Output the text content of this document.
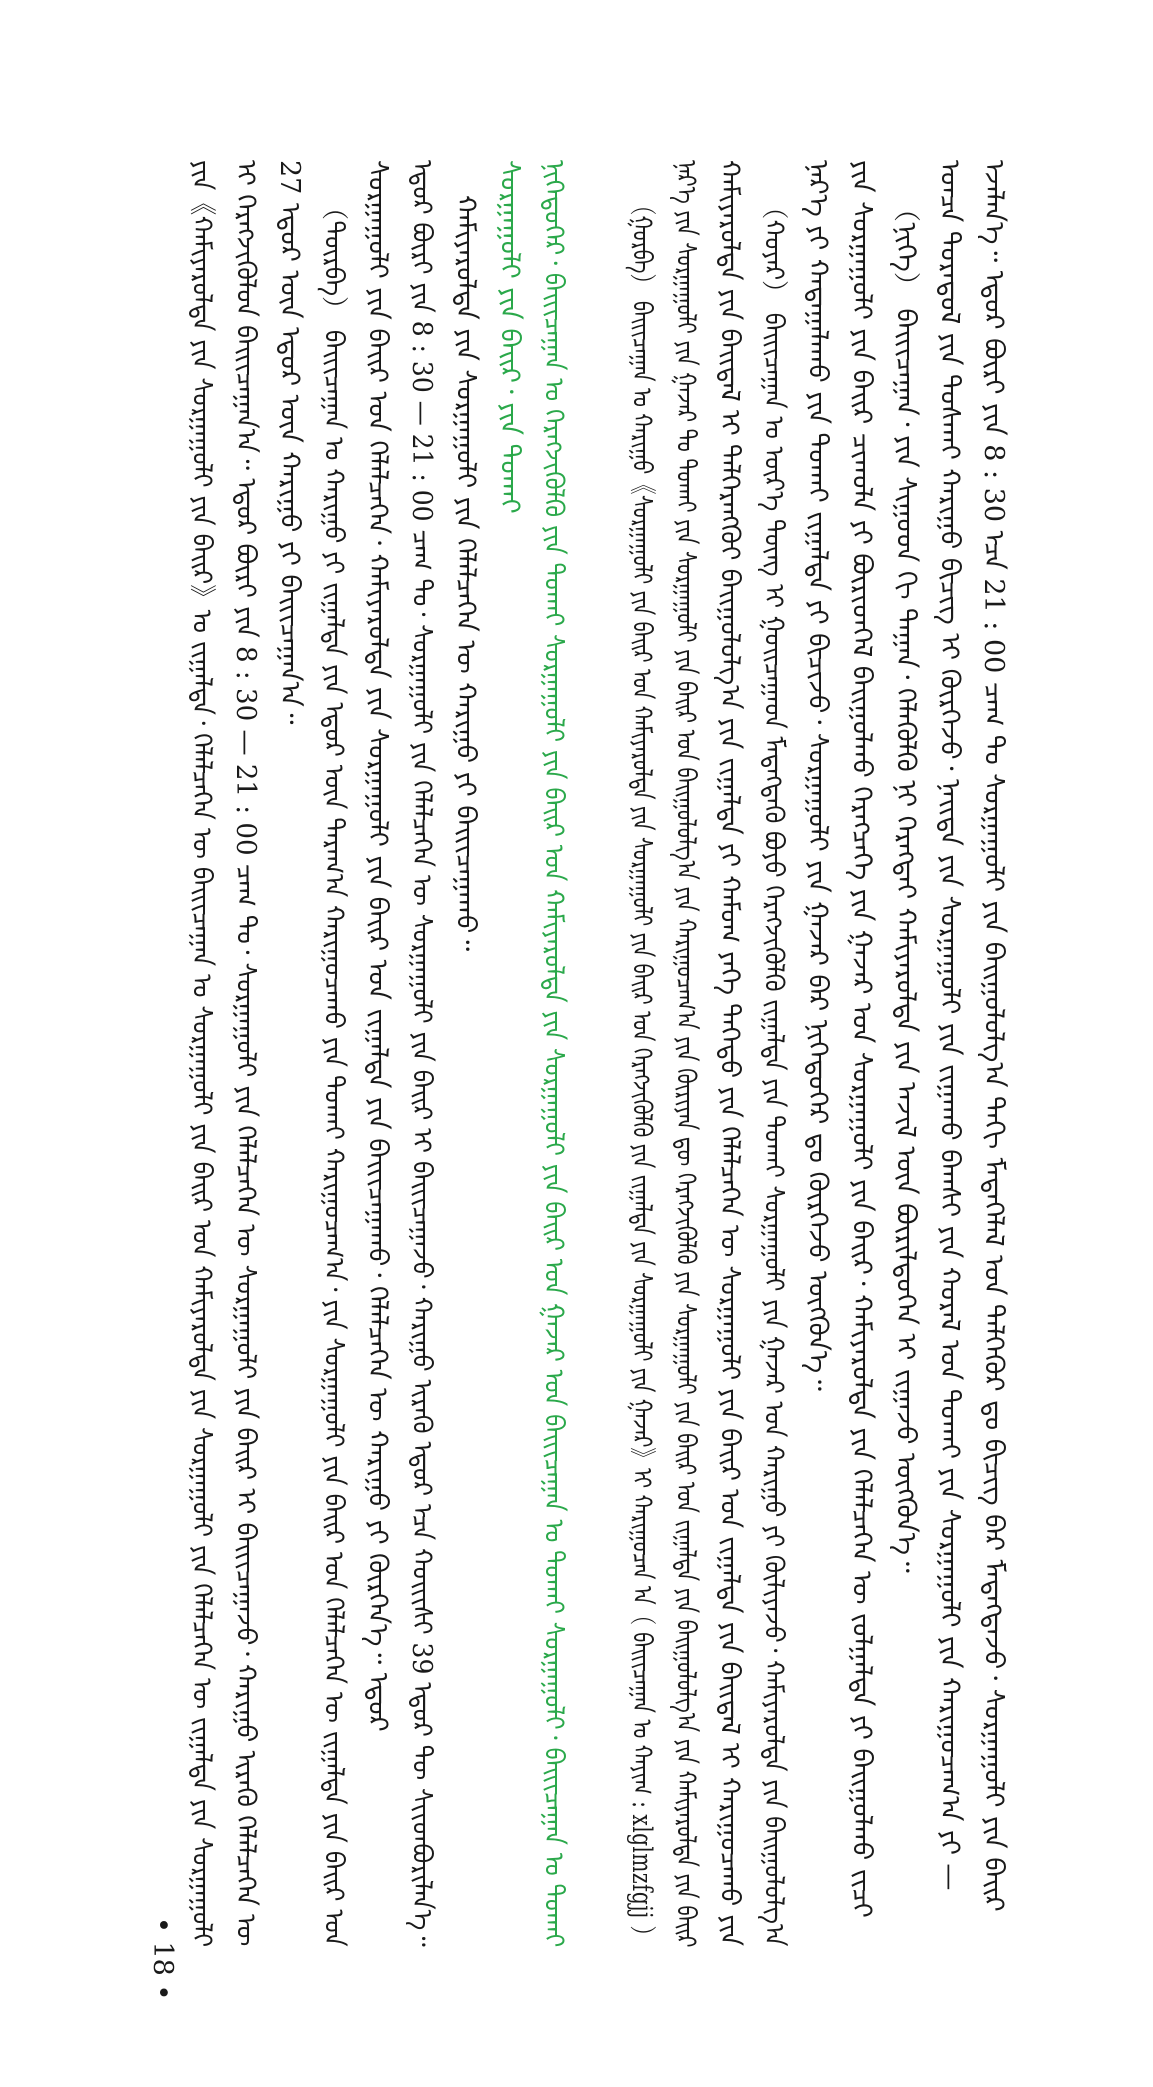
ᠡᠵᠡᠯᠡᠨ᠎ᠡ᠃ ᠡᠳᠦᠷ ᠪᠦᠷᠢ ᠶᠢᠨ 8 : 30 ᠡᠴᠡ 21 : 00 ᠴᠠᠭ ᠲᠤ ᠰᠤᠷᠭᠠᠭᠤᠯᠢ ᠶᠢᠨ ᠪᠠᠢᠭᠤᠯᠤᠯᠭ᠎ᠠ ᠳᠠᠬᠢ ᠮᠡᠳᠡᠭᠡᠯᠡᠯ ᠤᠨ ᠳᠡᠯᠭᠡᠭᠦᠷ ᠳᠤ ᠪᠢᠴᠢᠭ ᠪᠠᠷ ᠮᠡᠳᠡᠭᠳᠡᠵᠦ᠂ ᠰᠤᠷᠭᠠᠭᠤᠯᠢ ᠶᠢᠨ ᠪᠠᠢᠷ
ᠣᠨᠴᠠ ᠳᠤᠷᠠᠳᠤᠯ ᠶᠢᠨ ᠲᠤᠰᠬᠠᠢ ᠬᠠᠷᠢᠭᠤ ᠪᠢᠴᠢᠭ ᠢ ᠬᠦᠷᠭᠡᠵᠦ᠂ ᠨᠡᠢᠲᠡ ᠶᠢᠨ ᠰᠤᠷᠭᠠᠭᠤᠯᠢ ᠶᠢᠨ ᠵᠢᠭᠠᠬᠤ ᠪᠠᠭᠰᠢ ᠶᠢᠨ ᠬᠤᠷᠠᠯ ᠤᠨ ᠲᠤᠬᠠᠢ ᠶᠢᠨ ᠰᠤᠷᠭᠠᠭᠤᠯᠢ ᠶᠢᠨ ᠬᠠᠷᠢᠭᠤᠴᠠᠭ᠎ᠠ ᠶᠢ —
（ᠨᠢᠭᠡ） ᠪᠠᠢᠢᠴᠠᠭᠠᠨ᠂ ᠶᠢᠨ ᠰᠢᠭᠤᠳ ᠬᠢ ᠳᠠᠭᠠᠨ᠂ ᠬᠡᠯᠡᠭᠦᠯᠬᠦ ᠨᠢ ᠬᠡᠷᠡᠭᠲᠡᠢ ᠬᠠᠮᠢᠶᠠᠷᠤᠯᠲᠠ ᠶᠢᠨ ᠠᠵᠢᠯ ᠦᠨ ᠪᠦᠷᠢᠯᠳᠦᠭᠡᠨ ᠢ ᠵᠢᠭᠠᠵᠤ ᠦᠭᠭᠦᠨ᠎ᠡ᠃
ᠶᠢᠨ ᠰᠤᠷᠭᠠᠭᠤᠯᠢ ᠶᠢᠨ ᠪᠠᠢᠷ ᠴᠢᠬᠤᠯᠠ ᠶᠢ ᠪᠦᠷᠢᠳᠬᠡᠯ ᠪᠠᠢᠭᠤᠯᠬᠤ ᠬᠡᠷᠡᠭᠴᠡᠭᠡ ᠶᠢᠨ ᠭᠠᠵᠠᠷ ᠤᠨ ᠰᠤᠷᠭᠠᠭᠤᠯᠢ ᠶᠢᠨ ᠪᠠᠢᠷ᠂ ᠬᠠᠮᠢᠶᠠᠷᠤᠯᠲᠠ ᠶᠢᠨ ᠬᠡᠯᠡᠯᠴᠡᠭᠡᠨ ᠦ ᠵᠤᠯᠭᠠᠯᠲᠠ ᠶᠢ ᠪᠠᠢᠭᠤᠯᠬᠤ ᠵᠢᠴᠢ
ᠨᠡᠷ᠎ᠡ ᠶᠢ ᠬᠠᠳᠠᠭᠠᠯᠠᠬᠤ ᠶᠢᠨ ᠲᠤᠬᠠᠢ ᠵᠢᠭᠠᠯᠲᠠ ᠶᠢ ᠪᠢᠴᠢᠵᠦ᠂ ᠰᠤᠷᠭᠠᠭᠤᠯᠢ ᠶᠢᠨ ᠭᠠᠵᠠᠷ ᠪᠠᠷ ᠨᠢᠭᠡᠳᠦᠭᠡᠷ ᠳᠤ ᠬᠦᠷᠭᠡᠵᠦ ᠦᠭᠭᠦᠨ᠎ᠡ᠃
（ᠬᠤᠶᠠᠷ） ᠪᠠᠢᠢᠴᠠᠭᠠᠨ ᠤ ᠦᠷ᠎ᠡ ᠳᠦᠩ ᠢ ᠭᠤᠢᠴᠠᠭᠠᠳ ᠮᠡᠳᠡᠭᠳᠡᠬᠦ ᠪᠤᠶᠤ ᠬᠡᠷᠡᠭᠵᠢᠭᠦᠯᠬᠦ ᠵᠢᠭᠠᠯᠲᠠ ᠶᠢᠨ ᠲᠤᠬᠠᠢ ᠰᠤᠷᠭᠠᠭᠤᠯᠢ ᠶᠢᠨ ᠭᠠᠵᠠᠷ ᠤᠨ ᠬᠠᠷᠢᠭᠤ ᠶᠢ ᠬᠦᠯᠢᠶᠡᠵᠦ᠂ ᠬᠠᠮᠢᠶᠠᠷᠤᠯᠲᠠ ᠶᠢᠨ ᠪᠠᠢᠭᠤᠯᠤᠯᠭ᠎ᠠ
ᠬᠠᠮᠢᠶᠠᠷᠤᠯᠲᠠ ᠶᠢᠨ ᠪᠠᠢᠳᠠᠯ ᠢ ᠳᠡᠯᠭᠡᠷᠡᠩᠭᠦᠢ ᠪᠠᠢᠭᠤᠯᠤᠯᠭ᠎ᠠ ᠶᠢᠨ ᠵᠢᠭᠠᠯᠲᠠ ᠶᠢ ᠬᠠᠮᠤᠭ ᠶᠡᠬᠡ ᠳᠡᠭᠡᠳᠦ ᠶᠢᠨ ᠬᠡᠯᠡᠯᠴᠡᠭᠡᠨ ᠦ ᠰᠤᠷᠭᠠᠭᠤᠯᠢ ᠶᠢᠨ ᠪᠠᠢᠷ ᠤᠨ ᠵᠢᠭᠠᠯᠲᠠ ᠶᠢᠨ ᠪᠠᠢᠳᠠᠯ ᠢ ᠬᠠᠷᠢᠭᠤᠴᠠᠬᠤ ᠶᠢᠨ
ᠨᠡᠷ᠎ᠡ ᠶᠢᠨ ᠰᠤᠷᠭᠠᠭᠤᠯᠢ ᠶᠢᠨ ᠭᠠᠵᠠᠷ ᠲᠤ ᠲᠤᠬᠠᠢ ᠶᠢᠨ ᠰᠤᠷᠭᠠᠭᠤᠯᠢ ᠶᠢᠨ ᠪᠠᠢᠷ ᠤᠨ ᠪᠠᠢᠭᠤᠯᠤᠯᠭ᠎ᠠ ᠶᠢᠨ ᠬᠠᠷᠢᠭᠤᠴᠠᠭ᠎ᠠ ᠶᠢᠨ ᠬᠦᠷᠢᠶᠡᠨ ᠳᠦ ᠬᠡᠷᠡᠭᠵᠢᠭᠦᠯᠬᠦ ᠶᠢᠨ ᠰᠤᠷᠭᠠᠭᠤᠯᠢ ᠶᠢᠨ ᠪᠠᠢᠷ ᠤᠨ ᠵᠢᠭᠠᠯᠲᠠ ᠶᠢᠨ ᠪᠠᠢᠭᠤᠯᠤᠯᠭ᠎ᠠ ᠶᠢᠨ ᠬᠠᠮᠢᠶᠠᠷᠤᠯᠲᠠ ᠶᠢᠨ ᠪᠠᠢᠷ
（ᠭᠤᠷᠪᠠ） ᠪᠠᠢᠢᠴᠠᠭᠠᠨ ᠤ ᠬᠠᠷᠢᠭᠤ《ᠰᠤᠷᠭᠠᠭᠤᠯᠢ ᠶᠢᠨ ᠪᠠᠢᠷ ᠤᠨ ᠬᠠᠮᠢᠶᠠᠷᠤᠯᠲᠠ ᠶᠢᠨ ᠰᠤᠷᠭᠠᠭᠤᠯᠢ ᠶᠢᠨ ᠪᠠᠢᠷ ᠤᠨ ᠬᠡᠷᠡᠭᠵᠢᠭᠦᠯᠬᠦ ᠶᠢᠨ ᠵᠢᠭᠠᠯᠲᠠ ᠶᠢᠨ ᠰᠤᠷᠭᠠᠭᠤᠯᠢ ᠶᠢᠨ ᠭᠠᠵᠠᠷ》ᠢ ᠬᠠᠷᠢᠭᠤᠴᠠᠨ ᠠ（ ᠪᠠᠢᠢᠴᠠᠭᠠᠨ ᠤ ᠬᠠᠶᠢᠭ : xlglmzfgjj ）
ᠨᠢᠭᠡᠳᠦᠭᠡᠷ᠂ ᠪᠠᠢᠢᠴᠠᠭᠠᠨ ᠤ ᠬᠡᠷᠡᠭᠵᠢᠭᠦᠯᠬᠦ ᠶᠢᠨ ᠲᠤᠬᠠᠢ ᠰᠤᠷᠭᠠᠭᠤᠯᠢ ᠶᠢᠨ ᠪᠠᠢᠷ ᠤᠨ ᠬᠠᠮᠢᠶᠠᠷᠤᠯᠲᠠ ᠶᠢᠨ ᠰᠤᠷᠭᠠᠭᠤᠯᠢ ᠶᠢᠨ ᠪᠠᠢᠷ ᠤᠨ ᠭᠠᠵᠠᠷ ᠤᠨ ᠪᠠᠢᠢᠴᠠᠭᠠᠨ ᠤ ᠲᠤᠬᠠᠢ ᠰᠤᠷᠭᠠᠭᠤᠯᠢ᠂ ᠪᠠᠢᠢᠴᠠᠭᠠᠨ ᠤ ᠲᠤᠬᠠᠢ
ᠰᠤᠷᠭᠠᠭᠤᠯᠢ ᠶᠢᠨ ᠪᠠᠢᠷ᠂ ᠶᠢᠨ ᠲᠤᠬᠠᠢ
ᠬᠠᠮᠢᠶᠠᠷᠤᠯᠲᠠ ᠶᠢᠨ ᠰᠤᠷᠭᠠᠭᠤᠯᠢ ᠶᠢᠨ ᠬᠡᠯᠡᠯᠴᠡᠭᠡᠨ ᠦ ᠬᠠᠷᠢᠭᠤ ᠶᠢ ᠪᠠᠢᠢᠴᠠᠭᠠᠬᠤ᠃
ᠡᠳᠦᠷ ᠪᠦᠷᠢ ᠶᠢᠨ 8 : 30 — 21 : 00 ᠴᠠᠭ ᠲᠤ᠂ ᠰᠤᠷᠭᠠᠭᠤᠯᠢ ᠶᠢᠨ ᠬᠡᠯᠡᠯᠴᠡᠭᠡᠨ ᠦ ᠰᠤᠷᠭᠠᠭᠤᠯᠢ ᠶᠢᠨ ᠪᠠᠢᠷ ᠢ ᠪᠠᠢᠢᠴᠠᠭᠠᠵᠤ᠂ ᠬᠠᠷᠢᠭᠤ ᠢᠷᠡᠬᠦ ᠡᠳᠦᠷ ᠡᠴᠡ ᠬᠤᠢᠢᠰᠢ 39 ᠡᠳᠦᠷ ᠲᠦ ᠰᠢᠢᠳᠪᠦᠷᠢᠯᠡᠨ᠎ᠡ᠃
ᠰᠤᠷᠭᠠᠭᠤᠯᠢ ᠶᠢᠨ ᠪᠠᠢᠷ ᠤᠨ ᠬᠡᠯᠡᠯᠴᠡᠭᠡᠨ᠂ ᠬᠠᠮᠢᠶᠠᠷᠤᠯᠲᠠ ᠶᠢᠨ ᠰᠤᠷᠭᠠᠭᠤᠯᠢ ᠶᠢᠨ ᠪᠠᠢᠷ ᠤᠨ ᠵᠢᠭᠠᠯᠲᠠ ᠶᠢᠨ ᠪᠠᠢᠢᠴᠠᠭᠠᠬᠤ᠂ ᠬᠡᠯᠡᠯᠴᠡᠭᠡᠨ ᠦ ᠬᠠᠷᠢᠭᠤ ᠶᠢ ᠬᠦᠷᠭᠡᠨ᠎ᠡ᠃ ᠡᠳᠦᠷ
（ᠳᠦᠷᠪᠡ） ᠪᠠᠢᠢᠴᠠᠭᠠᠨ ᠤ ᠬᠠᠷᠢᠭᠤ ᠶᠢ ᠵᠢᠭᠠᠯᠲᠠ ᠶᠢᠨ ᠡᠳᠦᠷ ᠦᠨ ᠳᠠᠷᠠᠭ᠎ᠠ ᠬᠠᠷᠢᠭᠤᠴᠠᠬᠤ ᠶᠢᠨ ᠲᠤᠬᠠᠢ ᠬᠠᠷᠢᠭᠤᠴᠠᠭ᠎ᠠ᠂ ᠶᠢᠨ ᠰᠤᠷᠭᠠᠭᠤᠯᠢ ᠶᠢᠨ ᠪᠠᠢᠷ ᠤᠨ ᠬᠡᠯᠡᠯᠴᠡᠭᠡᠨ ᠦ ᠵᠢᠭᠠᠯᠲᠠ ᠶᠢᠨ ᠪᠠᠢᠷ ᠤᠨ
27 ᠡᠳᠦᠷ ᠦᠨ ᠡᠳᠦᠷ ᠦᠨ ᠬᠠᠷᠢᠭᠤ ᠶᠢ ᠪᠠᠢᠢᠴᠠᠭᠠᠨ᠎ᠠ᠃
ᠢ ᠬᠡᠷᠡᠭᠵᠢᠭᠦᠯᠦᠨ ᠪᠠᠢᠢᠴᠠᠭᠠᠨ᠎ᠠ᠃ ᠡᠳᠦᠷ ᠪᠦᠷᠢ ᠶᠢᠨ 8 : 30 — 21 : 00 ᠴᠠᠭ ᠲᠤ᠂ ᠰᠤᠷᠭᠠᠭᠤᠯᠢ ᠶᠢᠨ ᠬᠡᠯᠡᠯᠴᠡᠭᠡᠨ ᠦ ᠰᠤᠷᠭᠠᠭᠤᠯᠢ ᠶᠢᠨ ᠪᠠᠢᠷ ᠢ ᠪᠠᠢᠢᠴᠠᠭᠠᠵᠤ᠂ ᠬᠠᠷᠢᠭᠤ ᠢᠷᠡᠬᠦ ᠬᠡᠯᠡᠯᠴᠡᠭᠡᠨ ᠦ
ᠶᠢᠨ《ᠬᠠᠮᠢᠶᠠᠷᠤᠯᠲᠠ ᠶᠢᠨ ᠰᠤᠷᠭᠠᠭᠤᠯᠢ ᠶᠢᠨ ᠪᠠᠢᠷ》ᠤ ᠵᠢᠭᠠᠯᠲᠠ᠂ ᠬᠡᠯᠡᠯᠴᠡᠭᠡᠨ ᠦ ᠪᠠᠢᠢᠴᠠᠭᠠᠨ ᠤ ᠰᠤᠷᠭᠠᠭᠤᠯᠢ ᠶᠢᠨ ᠪᠠᠢᠷ ᠤᠨ ᠬᠠᠮᠢᠶᠠᠷᠤᠯᠲᠠ ᠶᠢᠨ ᠰᠤᠷᠭᠠᠭᠤᠯᠢ ᠶᠢᠨ ᠬᠡᠯᠡᠯᠴᠡᠭᠡᠨ ᠦ ᠵᠢᠭᠠᠯᠲᠠ ᠶᠢᠨ ᠰᠤᠷᠭᠠᠭᠤᠯᠢ
• 18 •
